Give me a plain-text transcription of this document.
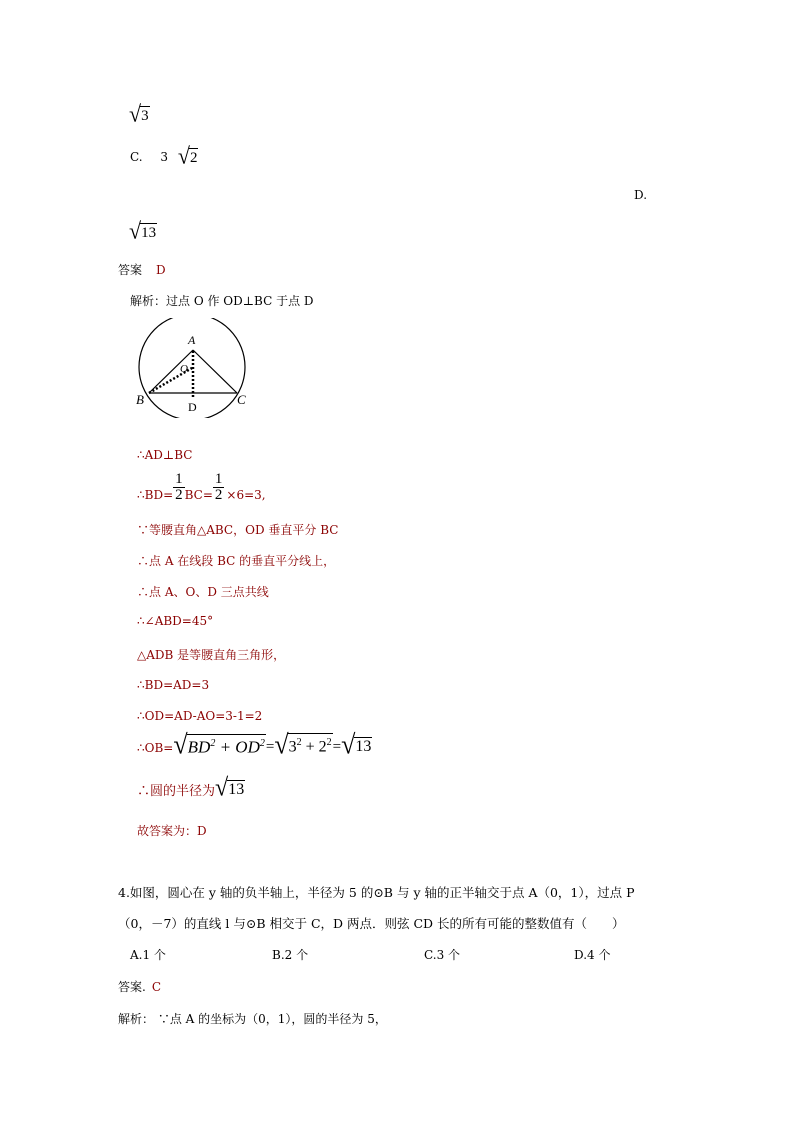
√ 3
C. 3 √ 2
D.
√ 13
答案 D
解析：过点 O 作 OD⊥BC 于点 D
A
B	C
D
O
∴AD⊥BC
∴BD= $\frac{1}{2} BC= \frac{1}{2} \times 6=3$,
∵等腰直角△ABC，OD 垂直平分 BC
∴点 A 在线段 BC 的垂直平分线上，
∴点 A、O、D 三点共线
∴∠ABD=45°
△ADB 是等腰直角三角形，
∴BD=AD=3
∴OD=AD-AO=3-1=2
∴OB= √ $BD^2 + OD^2$ = √ $3^2 + 2^2$ = √ 13
∴圆的半径为 √ 13
故答案为：D
4.如图，圆心在 y 轴的负半轴上，半径为 5 的⊙B 与 y 轴的正半轴交于点 A（0，1），过点 P
（0，－7）的直线 l 与⊙B 相交于 C，D 两点．则弦 CD 长的所有可能的整数值有（　　）
A.1 个	B.2 个	C.3 个	D.4 个
答案. C
解析： ∵点 A 的坐标为（0，1），圆的半径为 5，
